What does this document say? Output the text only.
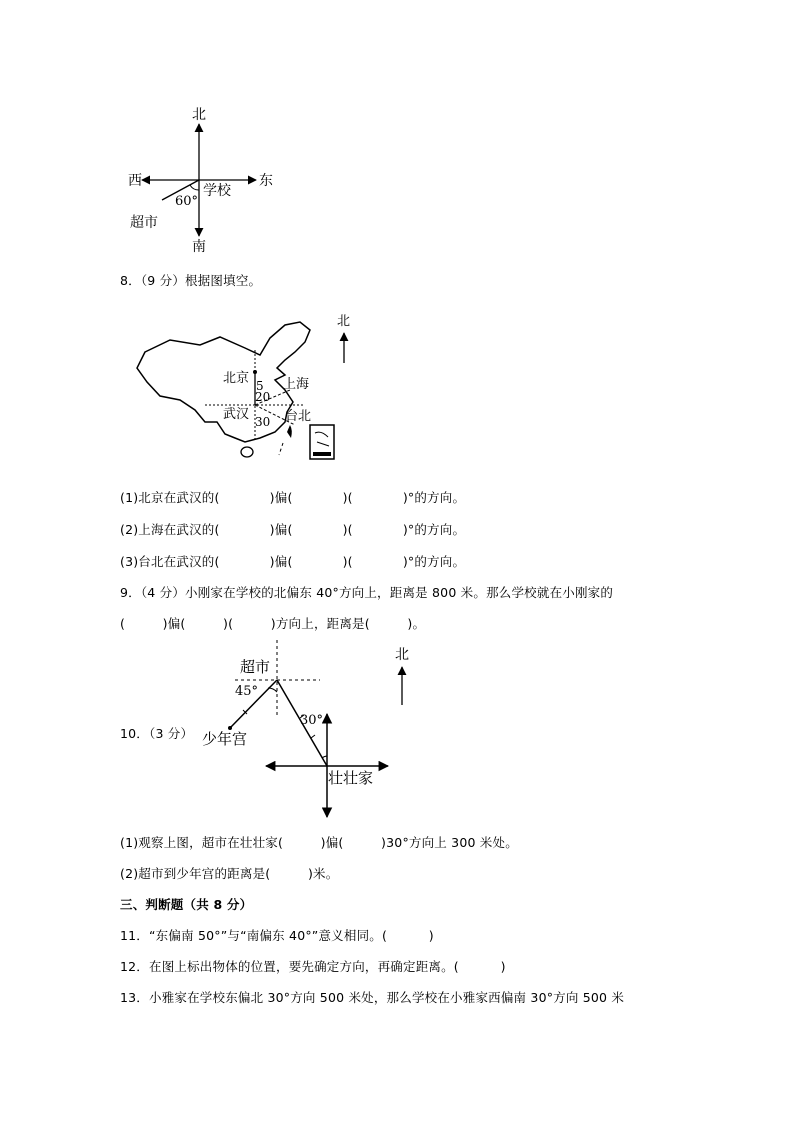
北
南
西	东
学校
超市
60°
8．（9 分）根据图填空。
北京	上海
武汉	台北
5
20
30
北
(1)北京在武汉的(            )偏(            )(            )°的方向。
(2)上海在武汉的(            )偏(            )(            )°的方向。
(3)台北在武汉的(            )偏(            )(            )°的方向。
9．（4 分）小刚家在学校的北偏东 40°方向上，距离是 800 米。那么学校就在小刚家的
(         )偏(         )(         )方向上，距离是(         )。
10．（3 分）
超市
45°
少年宫
30°
壮壮家
北
(1)观察上图，超市在壮壮家(         )偏(         )30°方向上 300 米处。
(2)超市到少年宫的距离是(         )米。
三、判断题（共 8 分）
11．“东偏南 50°”与“南偏东 40°”意义相同。(          )
12．在图上标出物体的位置，要先确定方向，再确定距离。(          )
13．小雅家在学校东偏北 30°方向 500 米处，那么学校在小雅家西偏南 30°方向 500 米
